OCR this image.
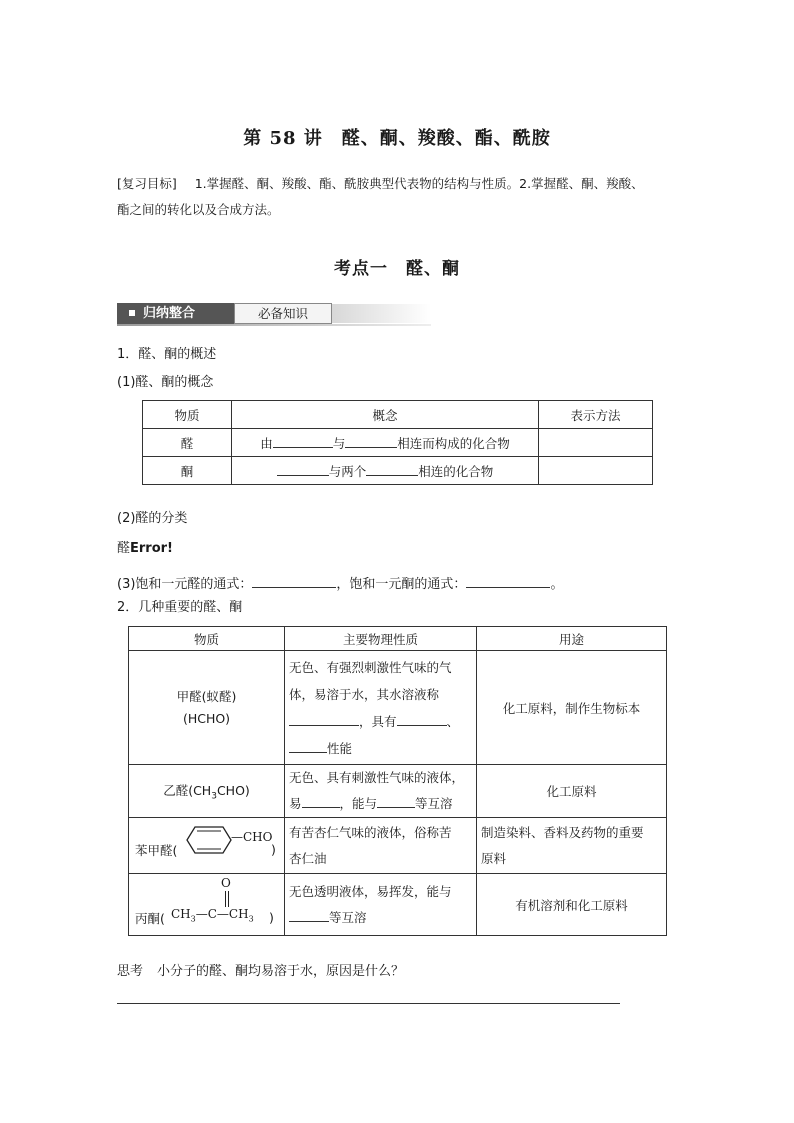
第 58 讲　醛、酮、羧酸、酯、酰胺
[复习目标] 1.掌握醛、酮、羧酸、酯、酰胺典型代表物的结构与性质。2.掌握醛、酮、羧酸、
酯之间的转化以及合成方法。
考点一　醛、酮
归纳整合	必备知识
1．醛、酮的概述
(1)醛、酮的概念
物质	概念	表示方法
醛	由 与 相连而构成的化合物	
酮	与两个 相连的化合物	
(2)醛的分类
醛Error!
(3)饱和一元醛的通式：	，饱和一元酮的通式：	。
2．几种重要的醛、酮
物质	主要物理性质	用途
甲醛(蚁醛)
(HCHO)	无色、有强烈刺激性气味的气
体，易溶于水，其水溶液称
，具有 、
性能	化工原料，制作生物标本
乙醛$(CH_3CHO)$	无色、具有刺激性气味的液体，
易 ，能与 等互溶	化工原料

苯甲醛(
—CHO
)	有苦杏仁气味的液体，俗称苦
杏仁油	制造染料、香料及药物的重要
原料

丙酮(
O
$CH_3—C—CH_3$ )	无色透明液体，易挥发，能与
等互溶	有机溶剂和化工原料
思考 小分子的醛、酮均易溶于水，原因是什么？
